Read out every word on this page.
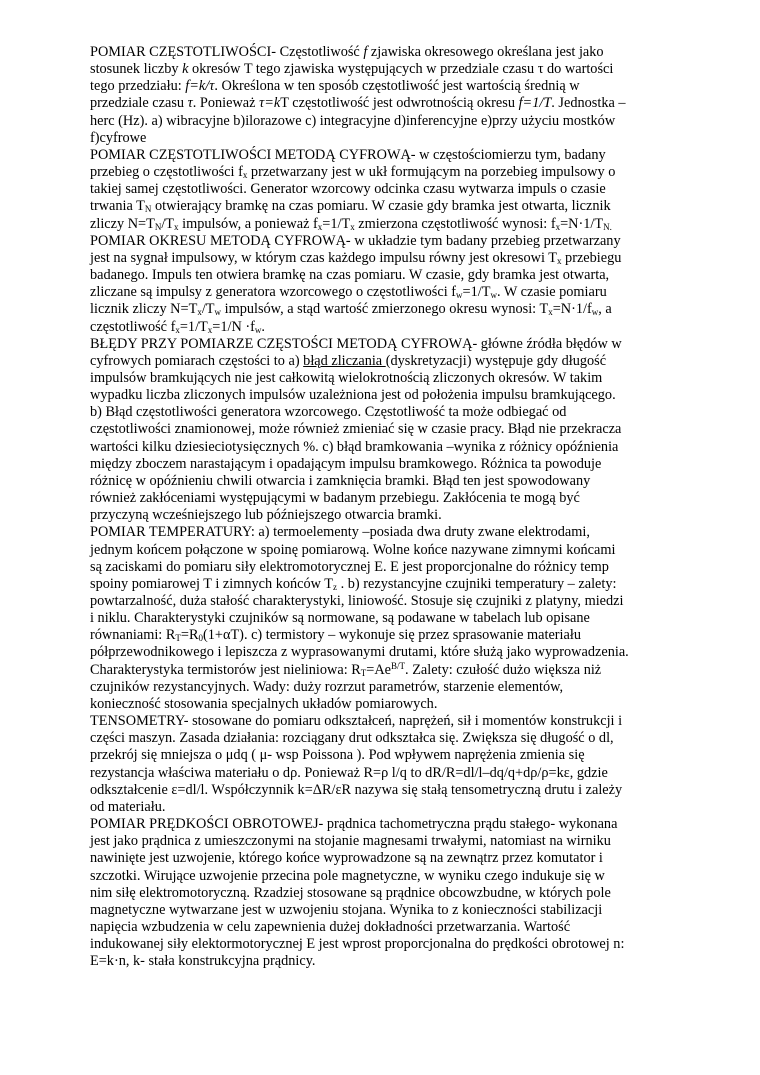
POMIAR CZĘSTOTLIWOŚCI- Częstotliwość f zjawiska okresowego określana jest jako
stosunek liczby k okresów T tego zjawiska występujących w przedziale czasu τ do wartości
tego przedziału: f=k/τ. Określona w ten sposób częstotliwość jest wartością średnią w
przedziale czasu τ. Ponieważ τ=kT częstotliwość jest odwrotnością okresu f=1/T. Jednostka –
herc (Hz). a) wibracyjne b)ilorazowe c) integracyjne d)inferencyjne e)przy użyciu mostków
f)cyfrowe
POMIAR CZĘSTOTLIWOŚCI METODĄ CYFROWĄ- w częstościomierzu tym, badany
przebieg o częstotliwości $f_x$ przetwarzany jest w ukł formującym na porzebieg impulsowy o
takiej samej częstotliwości. Generator wzorcowy odcinka czasu wytwarza impuls o czasie
trwania $T_N$ otwierający bramkę na czas pomiaru. W czasie gdy bramka jest otwarta, licznik
zliczy $N=T_N/T_x$ impulsów, a ponieważ $f_x=1/T_x$ zmierzona częstotliwość wynosi: $f_x=N\cdot 1/T_{N.}$
POMIAR OKRESU METODĄ CYFROWĄ- w układzie tym badany przebieg przetwarzany
jest na sygnał impulsowy, w którym czas każdego impulsu równy jest okresowi $T_x$ przebiegu
badanego. Impuls ten otwiera bramkę na czas pomiaru. W czasie, gdy bramka jest otwarta,
zliczane są impulsy z generatora wzorcowego o częstotliwości $f_w=1/T_w$. W czasie pomiaru
licznik zliczy $N=T_x/T_w$ impulsów, a stąd wartość zmierzonego okresu wynosi: $T_x=N\cdot 1/f_w$, a
częstotliwość $f_x=1/T_x=1/N \cdot f_w$.
BŁĘDY PRZY POMIARZE CZĘSTOŚCI METODĄ CYFROWĄ- główne źródła błędów w
cyfrowych pomiarach częstości to a) błąd zliczania (dyskretyzacji) występuje gdy długość
impulsów bramkujących nie jest całkowitą wielokrotnością zliczonych okresów. W takim
wypadku liczba zliczonych impulsów uzależniona jest od położenia impulsu bramkującego.
b) Błąd częstotliwości generatora wzorcowego. Częstotliwość ta może odbiegać od
częstotliwości znamionowej, może również zmieniać się w czasie pracy. Błąd nie przekracza
wartości kilku dziesieciotysięcznych %. c) błąd bramkowania –wynika z różnicy opóźnienia
między zboczem narastającym i opadającym impulsu bramkowego. Różnica ta powoduje
różnicę w opóźnieniu chwili otwarcia i zamknięcia bramki. Błąd ten jest spowodowany
również zakłóceniami występującymi w badanym przebiegu. Zakłócenia te mogą być
przyczyną wcześniejszego lub późniejszego otwarcia bramki.
POMIAR TEMPERATURY: a) termoelementy –posiada dwa druty zwane elektrodami,
jednym końcem połączone w spoinę pomiarową. Wolne końce nazywane zimnymi końcami
są zaciskami do pomiaru siły elektromotorycznej E. E jest proporcjonalne do różnicy temp
spoiny pomiarowej T i zimnych końców $T_z$ . b) rezystancyjne czujniki temperatury – zalety:
powtarzalność, duża stałość charakterystyki, liniowość. Stosuje się czujniki z platyny, miedzi
i niklu. Charakterystyki czujników są normowane, są podawane w tabelach lub opisane
równaniami: $R_T=R_0(1+\alpha T)$. c) termistory – wykonuje się przez sprasowanie materiału
półprzewodnikowego i lepiszcza z wyprasowanymi drutami, które służą jako wyprowadzenia.
Charakterystyka termistorów jest nieliniowa: $R_T=Ae^{B/T}$. Zalety: czułość dużo większa niż
czujników rezystancyjnych. Wady: duży rozrzut parametrów, starzenie elementów,
konieczność stosowania specjalnych układów pomiarowych.
TENSOMETRY- stosowane do pomiaru odkształceń, naprężeń, sił i momentów konstrukcji i
części maszyn. Zasada działania: rozciągany drut odkształca się. Zwiększa się długość o dl,
przekrój się mniejsza o μdq ( μ- wsp Poissona ). Pod wpływem naprężenia zmienia się
rezystancja właściwa materiału o dρ. Ponieważ R=ρ l/q to dR/R=dl/l–dq/q+dρ/ρ=kε, gdzie
odkształcenie ε=dl/l. Współczynnik k=ΔR/εR nazywa się stałą tensometryczną drutu i zależy
od materiału.
POMIAR PRĘDKOŚCI OBROTOWEJ- prądnica tachometryczna prądu stałego- wykonana
jest jako prądnica z umieszczonymi na stojanie magnesami trwałymi, natomiast na wirniku
nawinięte jest uzwojenie, którego końce wyprowadzone są na zewnątrz przez komutator i
szczotki. Wirujące uzwojenie przecina pole magnetyczne, w wyniku czego indukuje się w
nim siłę elektromotoryczną. Rzadziej stosowane są prądnice obcowzbudne, w których pole
magnetyczne wytwarzane jest w uzwojeniu stojana. Wynika to z konieczności stabilizacji
napięcia wzbudzenia w celu zapewnienia dużej dokładności przetwarzania. Wartość
indukowanej siły elektormotorycznej E jest wprost proporcjonalna do prędkości obrotowej n:
E=k·n, k- stała konstrukcyjna prądnicy.
